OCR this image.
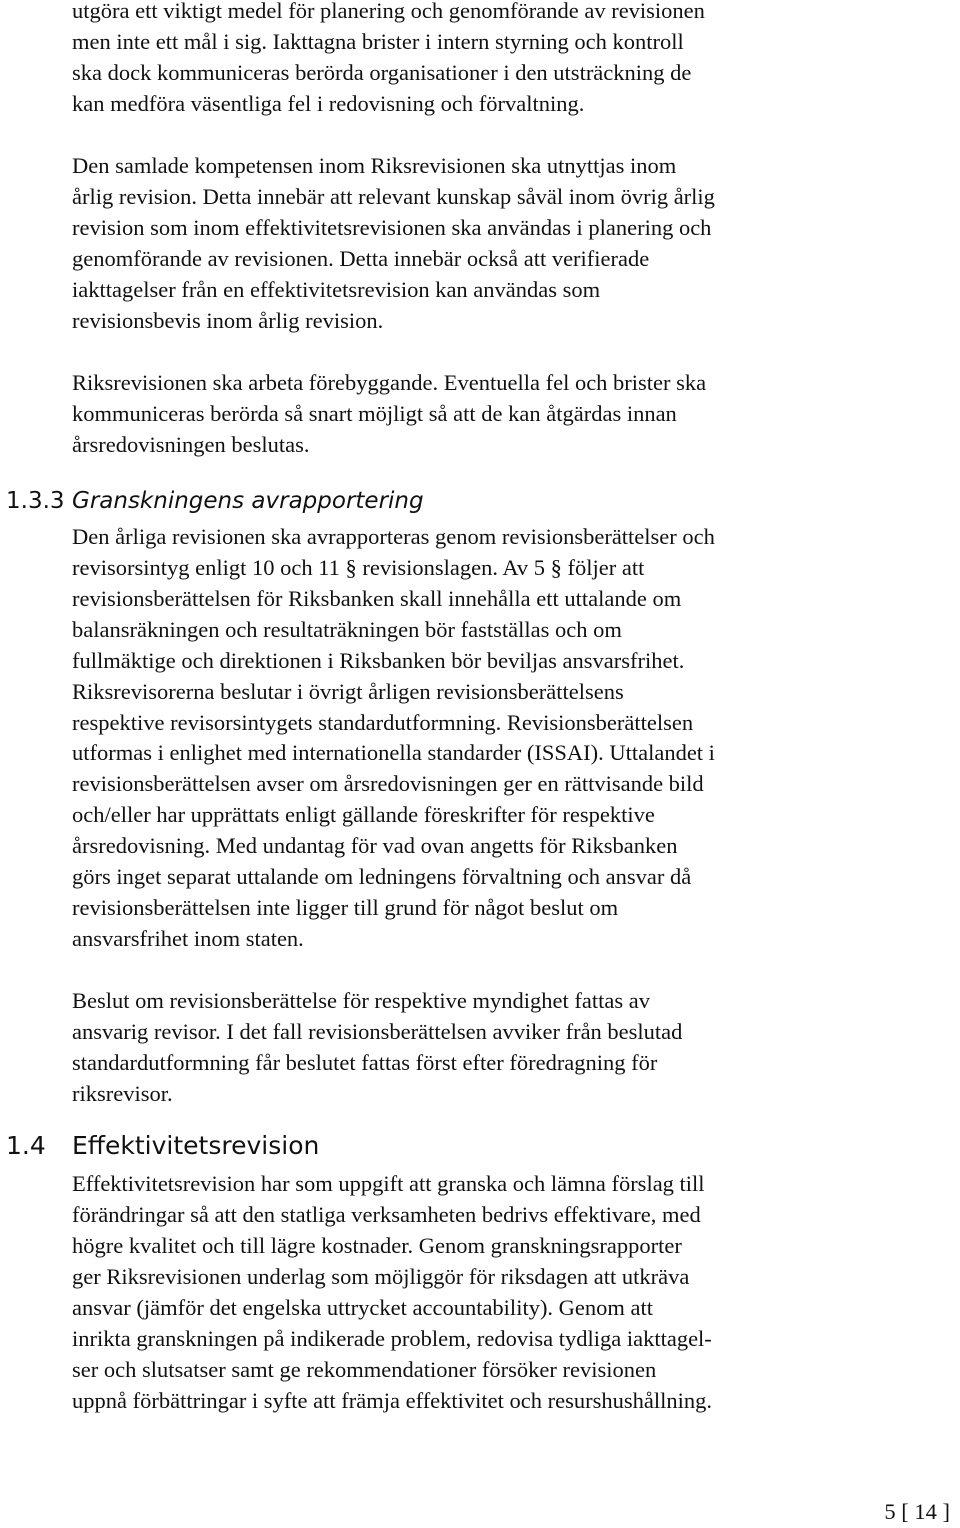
utgöra ett viktigt medel för planering och genomförande av revisionen
men inte ett mål i sig. Iakttagna brister i intern styrning och kontroll
ska dock kommuniceras berörda organisationer i den utsträckning de
kan medföra väsentliga fel i redovisning och förvaltning.
Den samlade kompetensen inom Riksrevisionen ska utnyttjas inom
årlig revision. Detta innebär att relevant kunskap såväl inom övrig årlig
revision som inom effektivitetsrevisionen ska användas i planering och
genomförande av revisionen. Detta innebär också att verifierade
iakttagelser från en effektivitetsrevision kan användas som
revisionsbevis inom årlig revision.
Riksrevisionen ska arbeta förebyggande. Eventuella fel och brister ska
kommuniceras berörda så snart möjligt så att de kan åtgärdas innan
årsredovisningen beslutas.
1.3.3 Granskningens avrapportering
Den årliga revisionen ska avrapporteras genom revisionsberättelser och
revisorsintyg enligt 10 och 11 § revisionslagen. Av 5 § följer att
revisionsberättelsen för Riksbanken skall innehålla ett uttalande om
balansräkningen och resultaträkningen bör fastställas och om
fullmäktige och direktionen i Riksbanken bör beviljas ansvarsfrihet.
Riksrevisorerna beslutar i övrigt årligen revisionsberättelsens
respektive revisorsintygets standardutformning. Revisionsberättelsen
utformas i enlighet med internationella standarder (ISSAI). Uttalandet i
revisionsberättelsen avser om årsredovisningen ger en rättvisande bild
och/eller har upprättats enligt gällande föreskrifter för respektive
årsredovisning. Med undantag för vad ovan angetts för Riksbanken
görs inget separat uttalande om ledningens förvaltning och ansvar då
revisionsberättelsen inte ligger till grund för något beslut om
ansvarsfrihet inom staten.
Beslut om revisionsberättelse för respektive myndighet fattas av
ansvarig revisor. I det fall revisionsberättelsen avviker från beslutad
standardutformning får beslutet fattas först efter föredragning för
riksrevisor.
1.4 Effektivitetsrevision
Effektivitetsrevision har som uppgift att granska och lämna förslag till
förändringar så att den statliga verksamheten bedrivs effektivare, med
högre kvalitet och till lägre kostnader. Genom granskningsrapporter
ger Riksrevisionen underlag som möjliggör för riksdagen att utkräva
ansvar (jämför det engelska uttrycket accountability). Genom att
inrikta granskningen på indikerade problem, redovisa tydliga iakttagel-
ser och slutsatser samt ge rekommendationer försöker revisionen
uppnå förbättringar i syfte att främja effektivitet och resurshushållning.
5 [ 14 ]
